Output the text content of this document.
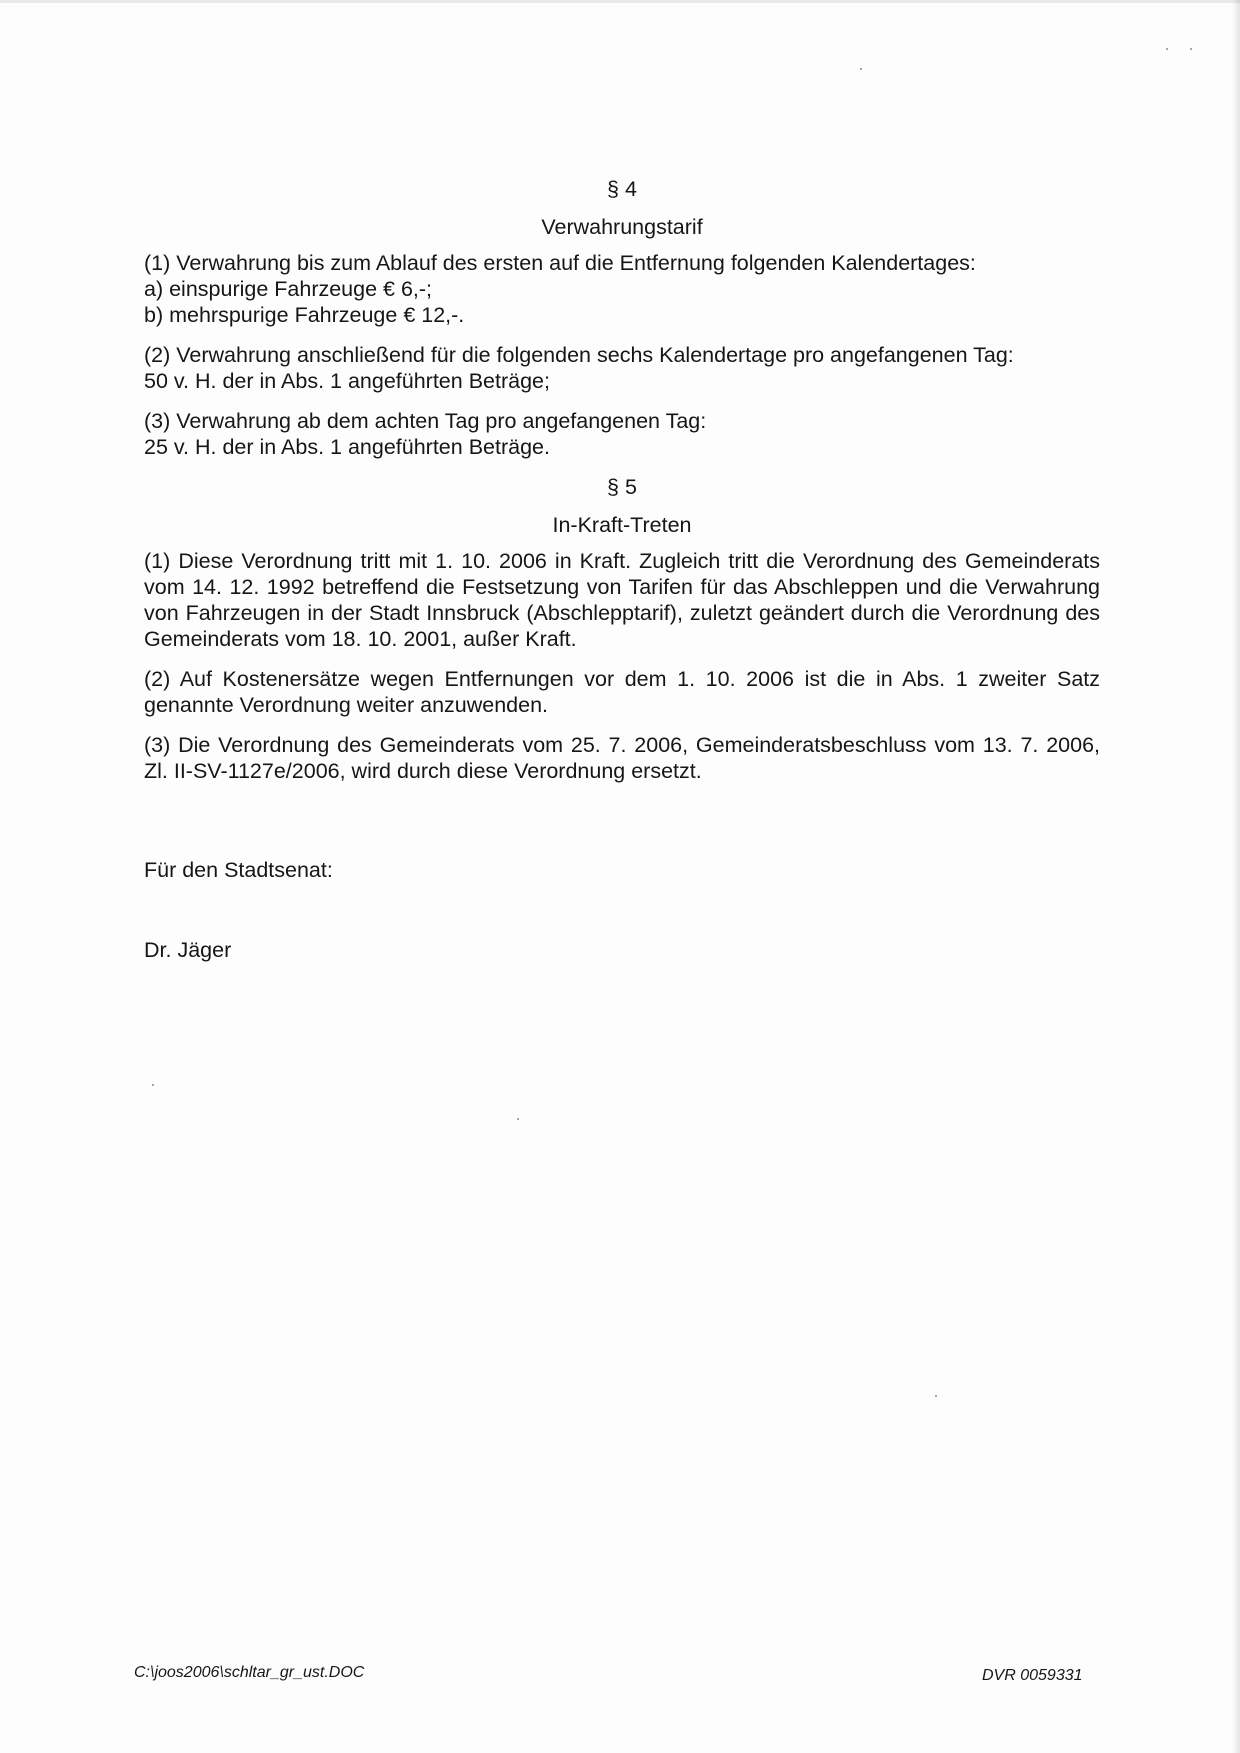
§ 4
Verwahrungstarif
(1) Verwahrung bis zum Ablauf des ersten auf die Entfernung folgenden Kalendertages:
a) einspurige Fahrzeuge € 6,-;
b) mehrspurige Fahrzeuge € 12,-.
(2) Verwahrung anschließend für die folgenden sechs Kalendertage pro angefangenen Tag:
50 v. H. der in Abs. 1 angeführten Beträge;
(3) Verwahrung ab dem achten Tag pro angefangenen Tag:
25 v. H. der in Abs. 1 angeführten Beträge.
§ 5
In-Kraft-Treten
(1) Diese Verordnung tritt mit 1. 10. 2006 in Kraft. Zugleich tritt die Verordnung des Gemeinderats vom 14. 12. 1992 betreffend die Festsetzung von Tarifen für das Abschleppen und die Verwahrung von Fahrzeugen in der Stadt Innsbruck (Abschlepptarif), zuletzt geändert durch die Verordnung des Gemeinderats vom 18. 10. 2001, außer Kraft.
(2) Auf Kostenersätze wegen Entfernungen vor dem 1. 10. 2006 ist die in Abs. 1 zweiter Satz genannte Verordnung weiter anzuwenden.
(3) Die Verordnung des Gemeinderats vom 25. 7. 2006, Gemeinderatsbeschluss vom 13. 7. 2006, Zl. II-SV-1127e/2006, wird durch diese Verordnung ersetzt.
Für den Stadtsenat:
Dr. Jäger
C:\joos2006\schltar_gr_ust.DOC	DVR 0059331
